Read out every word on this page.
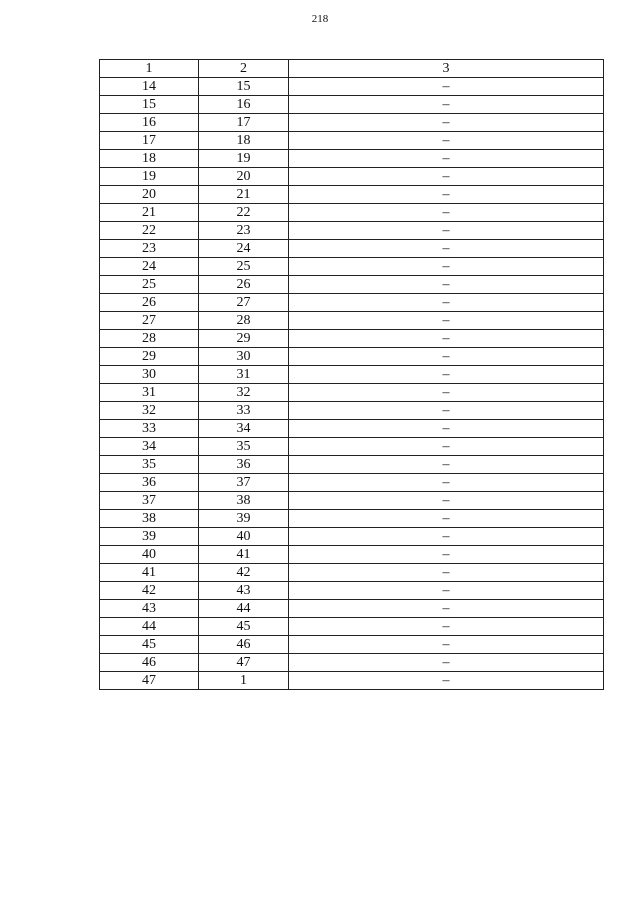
218
1	2	3
14	15	–
15	16	–
16	17	–
17	18	–
18	19	–
19	20	–
20	21	–
21	22	–
22	23	–
23	24	–
24	25	–
25	26	–
26	27	–
27	28	–
28	29	–
29	30	–
30	31	–
31	32	–
32	33	–
33	34	–
34	35	–
35	36	–
36	37	–
37	38	–
38	39	–
39	40	–
40	41	–
41	42	–
42	43	–
43	44	–
44	45	–
45	46	–
46	47	–
47	1	–
